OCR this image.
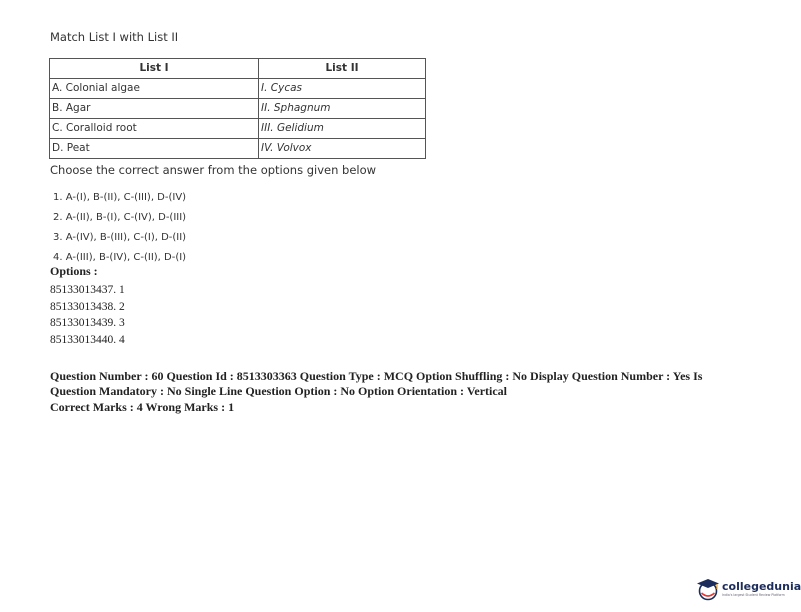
Match List I with List II
List I	List II
A. Colonial algae	I. Cycas
B. Agar	II. Sphagnum
C. Coralloid root	III. Gelidium
D. Peat	IV. Volvox
Choose the correct answer from the options given below
1. A-(I), B-(II), C-(III), D-(IV)
2. A-(II), B-(I), C-(IV), D-(III)
3. A-(IV), B-(III), C-(I), D-(II)
4. A-(III), B-(IV), C-(II), D-(I)
Options :
85133013437. 1
85133013438. 2
85133013439. 3
85133013440. 4
Question Number : 60 Question Id : 8513303363 Question Type : MCQ Option Shuffling : No Display Question Number : Yes Is Question Mandatory : No Single Line Question Option : No Option Orientation : Vertical
Correct Marks : 4 Wrong Marks : 1
collegedunia
India's largest Student Review Platform
